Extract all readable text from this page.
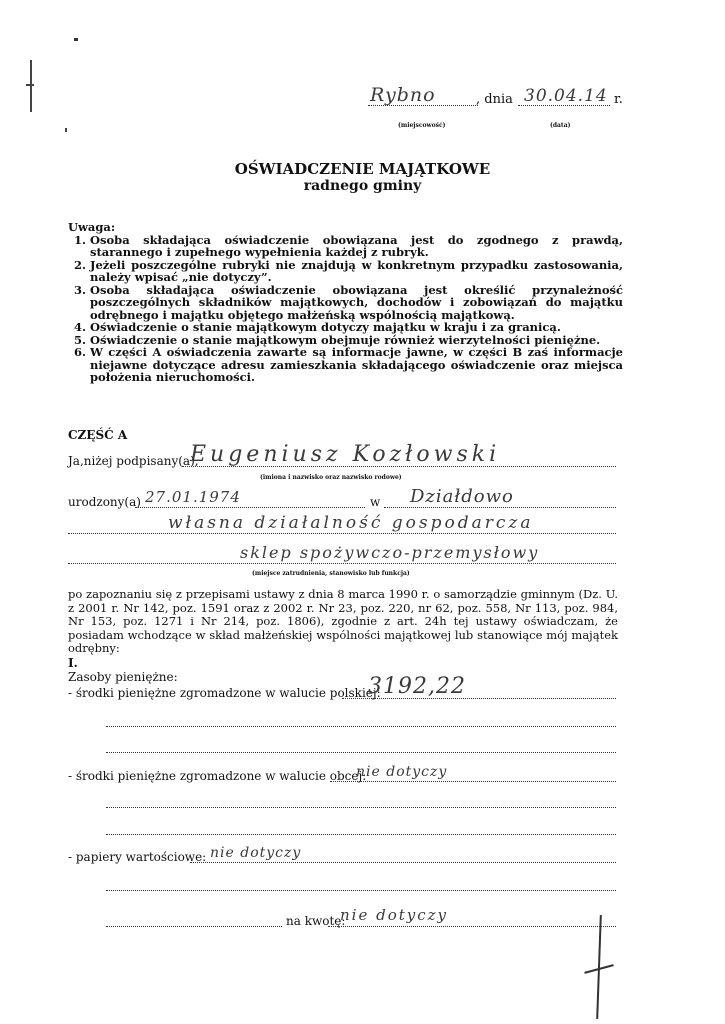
Rybno	, dnia 30.04.14 r.
(miejscowość)	(data)
OŚWIADCZENIE MAJĄTKOWE
radnego gminy
Uwaga:
1. Osoba składająca oświadczenie obowiązana jest do zgodnego z prawdą, starannego i zupełnego wypełnienia każdej z rubryk.
2. Jeżeli poszczególne rubryki nie znajdują w konkretnym przypadku zastosowania, należy wpisać „nie dotyczy”.
3. Osoba składająca oświadczenie obowiązana jest określić przynależność poszczególnych składników majątkowych, dochodów i zobowiązań do majątku odrębnego i majątku objętego małżeńską wspólnością majątkową.
4. Oświadczenie o stanie majątkowym dotyczy majątku w kraju i za granicą.
5. Oświadczenie o stanie majątkowym obejmuje również wierzytelności pieniężne.
6. W części A oświadczenia zawarte są informacje jawne, w części B zaś informacje niejawne dotyczące adresu zamieszkania składającego oświadczenie oraz miejsca położenia nieruchomości.
CZĘŚĆ A
Ja,niżej podpisany(a),
Eugeniusz Kozłowski
(imiona i nazwisko oraz nazwisko rodowe)
urodzony(a) 27.01.1974	w Działdowo
własna działalność gospodarcza
sklep spożywczo-przemysłowy
(miejsce zatrudnienia, stanowisko lub funkcja)
po zapoznaniu się z przepisami ustawy z dnia 8 marca 1990 r. o samorządzie gminnym (Dz. U. z 2001 r. Nr 142, poz. 1591 oraz z 2002 r. Nr 23, poz. 220, nr 62, poz. 558, Nr 113, poz. 984, Nr 153, poz. 1271 i Nr 214, poz. 1806), zgodnie z art. 24h tej ustawy oświadczam, że posiadam wchodzące w skład małżeńskiej wspólności majątkowej lub stanowiące mój majątek odrębny:
I.
Zasoby pieniężne:
- środki pieniężne zgromadzone w walucie polskiej:
3192,22
- środki pieniężne zgromadzone w walucie obcej:
nie dotyczy
- papiery wartościowe: nie dotyczy
na kwotę:
nie dotyczy
